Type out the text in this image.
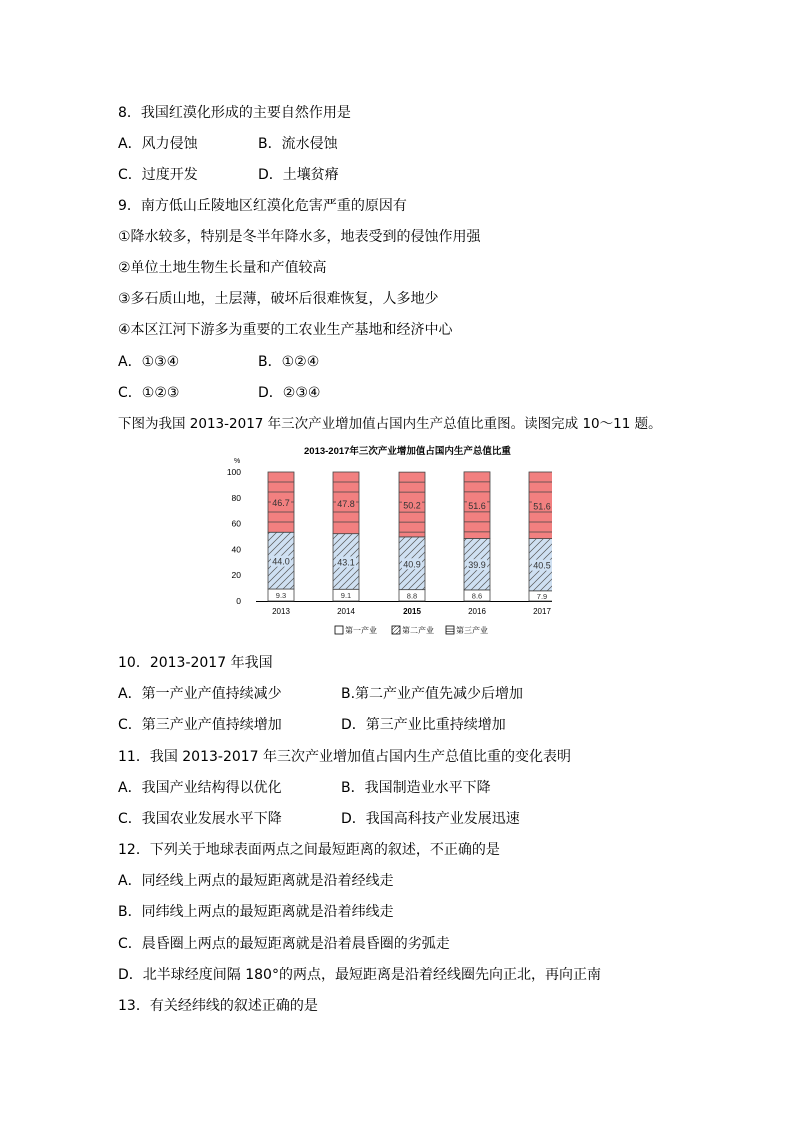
8．我国红漠化形成的主要自然作用是
A．风力侵蚀	B．流水侵蚀
C．过度开发	D．土壤贫瘠
9．南方低山丘陵地区红漠化危害严重的原因有
①降水较多，特别是冬半年降水多，地表受到的侵蚀作用强
②单位土地生物生长量和产值较高
③多石质山地，土层薄，破坏后很难恢复，人多地少
④本区江河下游多为重要的工农业生产基地和经济中心
A．①③④	B．①②④
C．①②③	D．②③④
下图为我国 2013-2017 年三次产业增加值占国内生产总值比重图。读图完成 10～11 题。
2013-2017年三次产业增加值占国内生产总值比重
%
0
20
40
60
80
100
9.3
44.0
46.7
2013
9.1
43.1
47.8
2014
8.8
40.9
50.2
2015
8.6
39.9
51.6
2016
7.9
40.5
51.6
2017
第一产业	第二产业	第三产业
10．2013-2017 年我国
A．第一产业产值持续减少	B.第二产业产值先减少后增加
C．第三产业产值持续增加	D．第三产业比重持续增加
11．我国 2013-2017 年三次产业增加值占国内生产总值比重的变化表明
A．我国产业结构得以优化	B．我国制造业水平下降
C．我国农业发展水平下降	D．我国高科技产业发展迅速
12．下列关于地球表面两点之间最短距离的叙述，不正确的是
A．同经线上两点的最短距离就是沿着经线走
B．同纬线上两点的最短距离就是沿着纬线走
C．晨昏圈上两点的最短距离就是沿着晨昏圈的劣弧走
D．北半球经度间隔 180°的两点，最短距离是沿着经线圈先向正北，再向正南
13．有关经纬线的叙述正确的是
